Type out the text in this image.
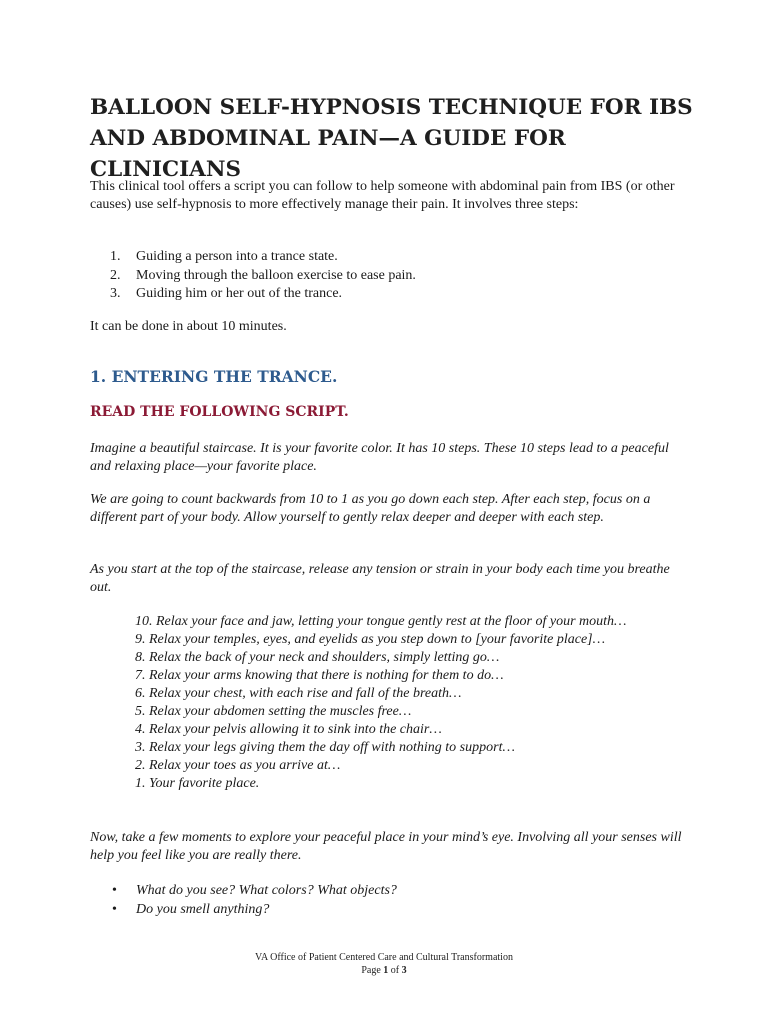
BALLOON SELF-HYPNOSIS TECHNIQUE FOR IBS AND ABDOMINAL PAIN—A GUIDE FOR CLINICIANS

This clinical tool offers a script you can follow to help someone with abdominal pain from IBS (or other causes) use self-hypnosis to more effectively manage their pain. It involves three steps:

1. Guiding a person into a trance state.
2. Moving through the balloon exercise to ease pain.
3. Guiding him or her out of the trance.

It can be done in about 10 minutes.

1. ENTERING THE TRANCE.
READ THE FOLLOWING SCRIPT.

Imagine a beautiful staircase. It is your favorite color. It has 10 steps. These 10 steps lead to a peaceful and relaxing place—your favorite place.

We are going to count backwards from 10 to 1 as you go down each step. After each step, focus on a different part of your body. Allow yourself to gently relax deeper and deeper with each step.

As you start at the top of the staircase, release any tension or strain in your body each time you breathe out.

10. Relax your face and jaw, letting your tongue gently rest at the floor of your mouth…
9. Relax your temples, eyes, and eyelids as you step down to [your favorite place]…
8. Relax the back of your neck and shoulders, simply letting go…
7. Relax your arms knowing that there is nothing for them to do…
6. Relax your chest, with each rise and fall of the breath…
5. Relax your abdomen setting the muscles free…
4. Relax your pelvis allowing it to sink into the chair…
3. Relax your legs giving them the day off with nothing to support…
2. Relax your toes as you arrive at…
1. Your favorite place.

Now, take a few moments to explore your peaceful place in your mind’s eye. Involving all your senses will help you feel like you are really there.

• What do you see? What colors? What objects?
• Do you smell anything?
VA Office of Patient Centered Care and Cultural Transformation
Page 1 of 3
